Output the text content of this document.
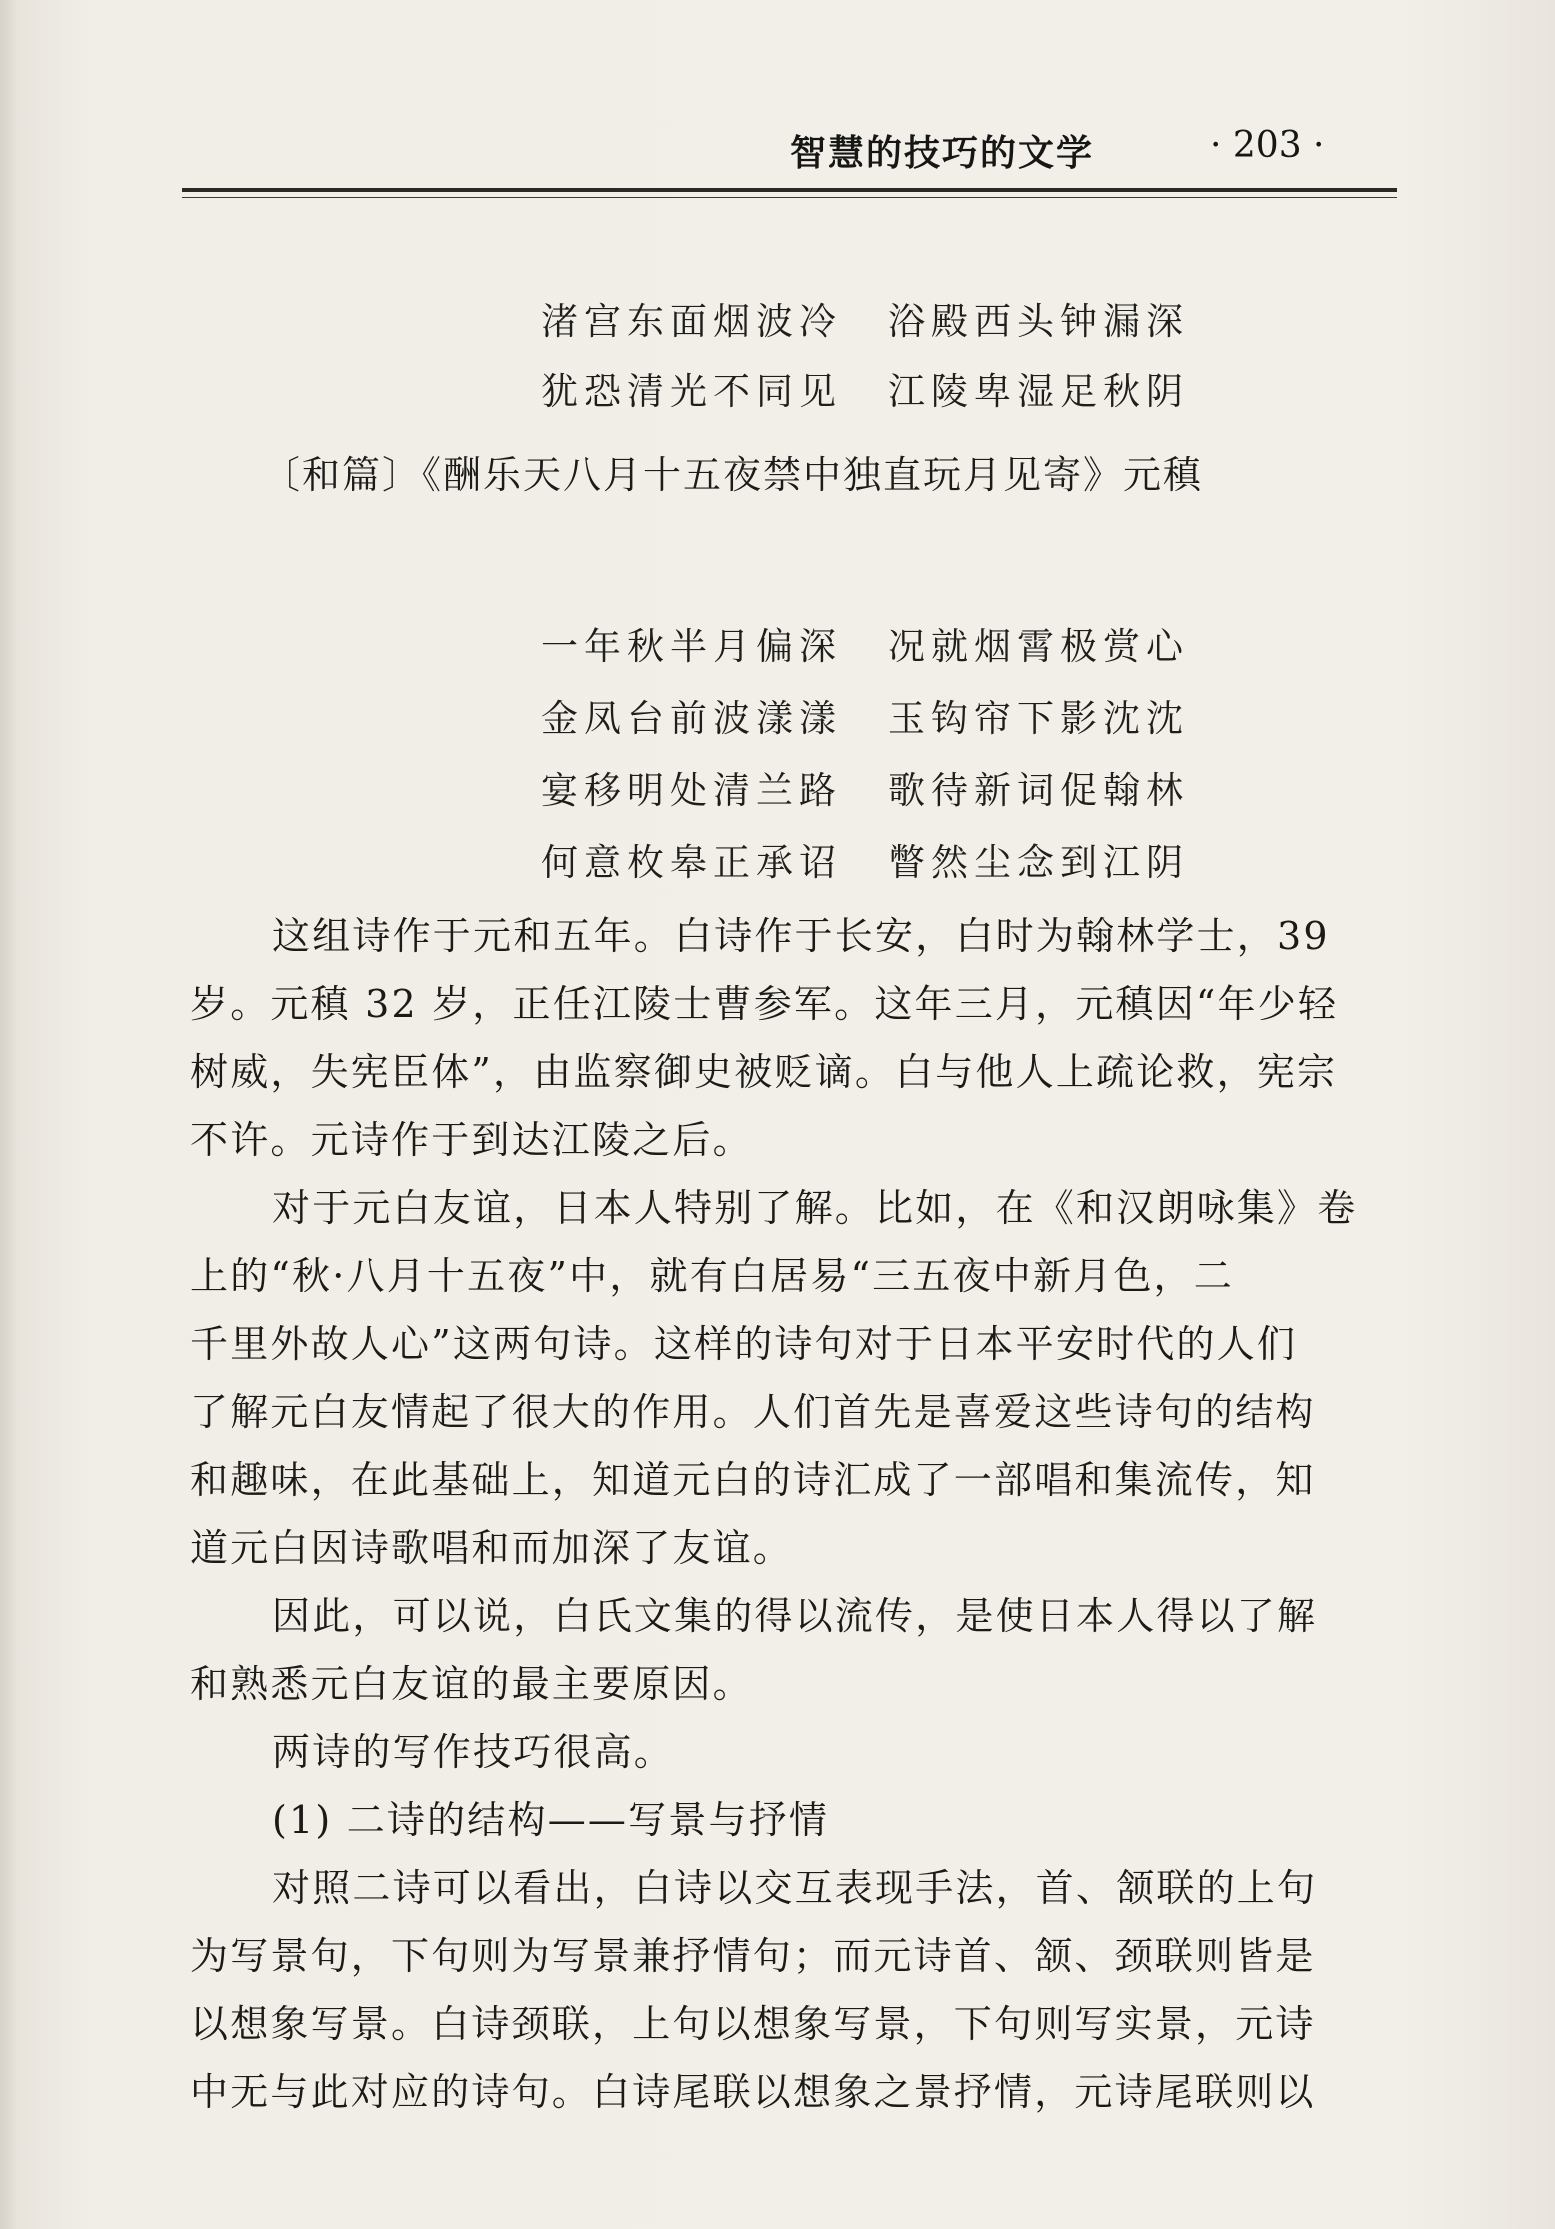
智慧的技巧的文学	· 203 ·

渚宫东面烟波冷 浴殿西头钟漏深

犹恐清光不同见 江陵卑湿足秋阴

〔和篇〕《酬乐天八月十五夜禁中独直玩月见寄》元稹

一年秋半月偏深 况就烟霄极赏心

金凤台前波漾漾 玉钩帘下影沈沈

宴移明处清兰路 歌待新词促翰林

何意枚皋正承诏 瞥然尘念到江阴

这组诗作于元和五年。白诗作于长安，白时为翰林学士，39
岁。元稹 32 岁，正任江陵士曹参军。这年三月，元稹因“年少轻
树威，失宪臣体”，由监察御史被贬谪。白与他人上疏论救，宪宗
不许。元诗作于到达江陵之后。
对于元白友谊，日本人特别了解。比如，在《和汉朗咏集》卷
上的“秋·八月十五夜”中，就有白居易“三五夜中新月色，二
千里外故人心”这两句诗。这样的诗句对于日本平安时代的人们
了解元白友情起了很大的作用。人们首先是喜爱这些诗句的结构
和趣味，在此基础上，知道元白的诗汇成了一部唱和集流传，知
道元白因诗歌唱和而加深了友谊。
因此，可以说，白氏文集的得以流传，是使日本人得以了解
和熟悉元白友谊的最主要原因。
两诗的写作技巧很高。
(1) 二诗的结构——写景与抒情
对照二诗可以看出，白诗以交互表现手法，首、颔联的上句
为写景句，下句则为写景兼抒情句；而元诗首、颔、颈联则皆是
以想象写景。白诗颈联，上句以想象写景，下句则写实景，元诗
中无与此对应的诗句。白诗尾联以想象之景抒情，元诗尾联则以
